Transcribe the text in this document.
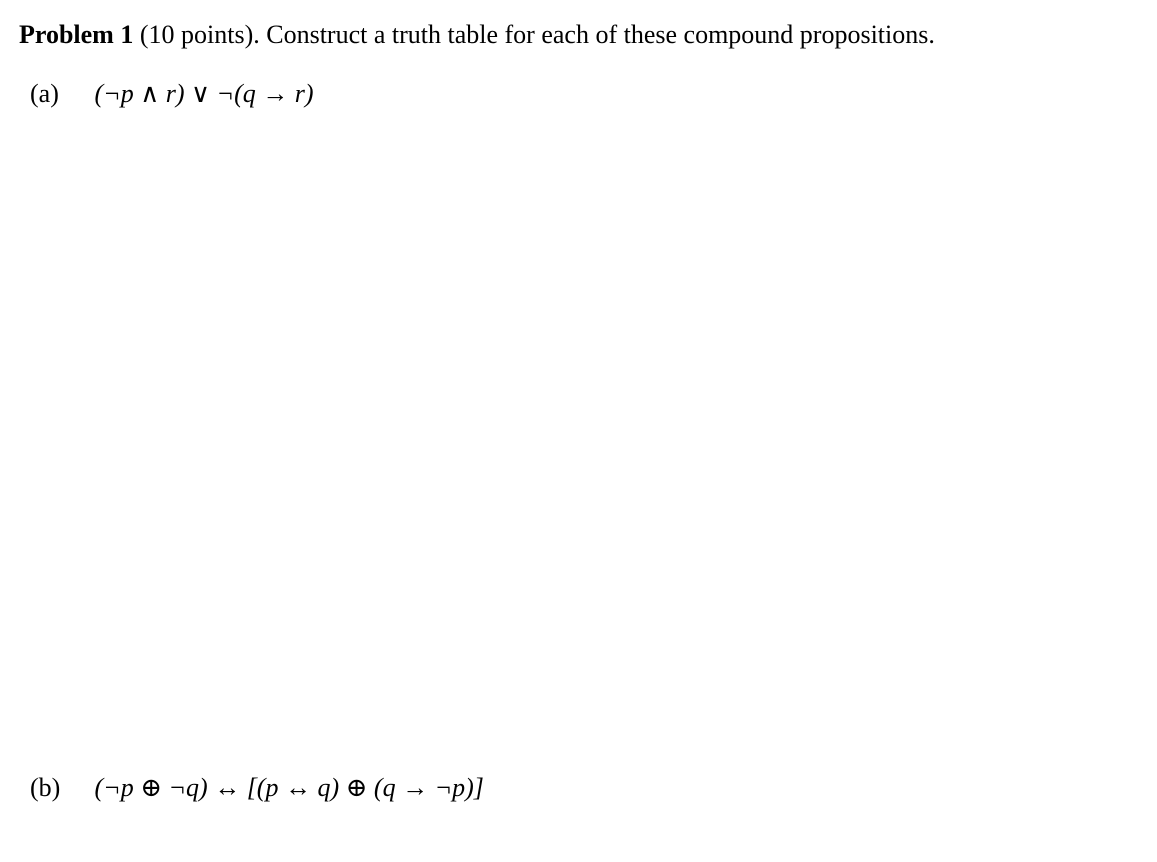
Problem 1 (10 points). Construct a truth table for each of these compound propositions.
(a) (¬p ∧ r) ∨ ¬(q → r)
(b) (¬p ⊕ ¬q) ↔ [(p ↔ q) ⊕ (q → ¬p)]
